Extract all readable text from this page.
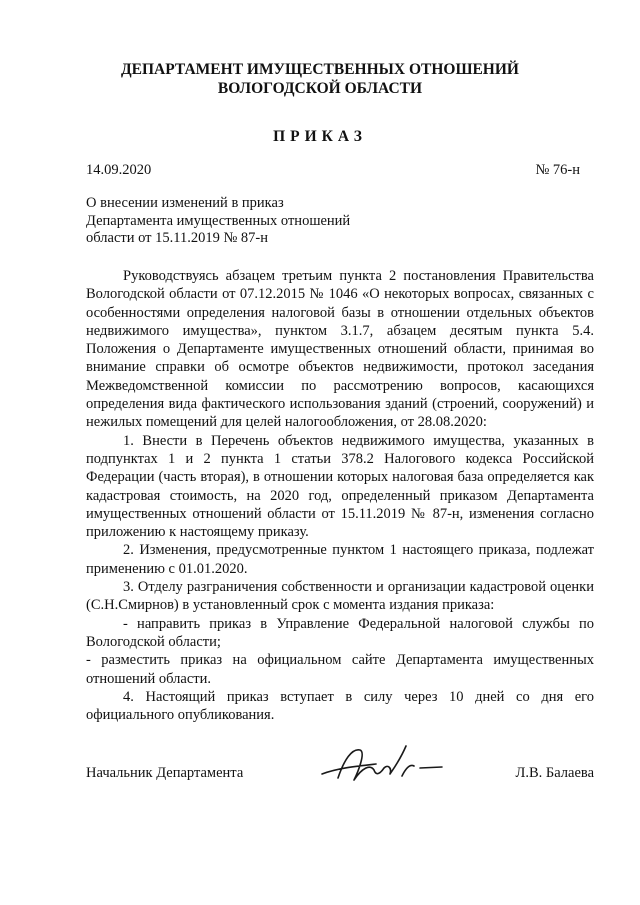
ДЕПАРТАМЕНТ ИМУЩЕСТВЕННЫХ ОТНОШЕНИЙ
ВОЛОГОДСКОЙ ОБЛАСТИ
ПРИКАЗ
14.09.2020	№ 76-н
О внесении изменений в приказ
Департамента имущественных отношений
области от 15.11.2019 № 87-н

Руководствуясь абзацем третьим пункта 2 постановления Правительства Вологодской области от 07.12.2015 № 1046 «О некоторых вопросах, связанных с особенностями определения налоговой базы в отношении отдельных объектов недвижимого имущества», пунктом 3.1.7, абзацем десятым пункта 5.4. Положения о Департаменте имущественных отношений области, принимая во внимание справки об осмотре объектов недвижимости, протокол заседания Межведомственной комиссии по рассмотрению вопросов, касающихся определения вида фактического использования зданий (строений, сооружений) и нежилых помещений для целей налогообложения, от 28.08.2020:

1. Внести в Перечень объектов недвижимого имущества, указанных в подпунктах 1 и 2 пункта 1 статьи 378.2 Налогового кодекса Российской Федерации (часть вторая), в отношении которых налоговая база определяется как кадастровая стоимость, на 2020 год, определенный приказом Департамента имущественных отношений области от 15.11.2019 № 87-н, изменения согласно приложению к настоящему приказу.

2. Изменения, предусмотренные пунктом 1 настоящего приказа, подлежат применению с 01.01.2020.

3. Отделу разграничения собственности и организации кадастровой оценки (С.Н.Смирнов) в установленный срок с момента издания приказа:

- направить приказ в Управление Федеральной налоговой службы по Вологодской области;

- разместить приказ на официальном сайте Департамента имущественных отношений области.

4. Настоящий приказ вступает в силу через 10 дней со дня его официального опубликования.

Начальник Департамента	Л.В. Балаева
